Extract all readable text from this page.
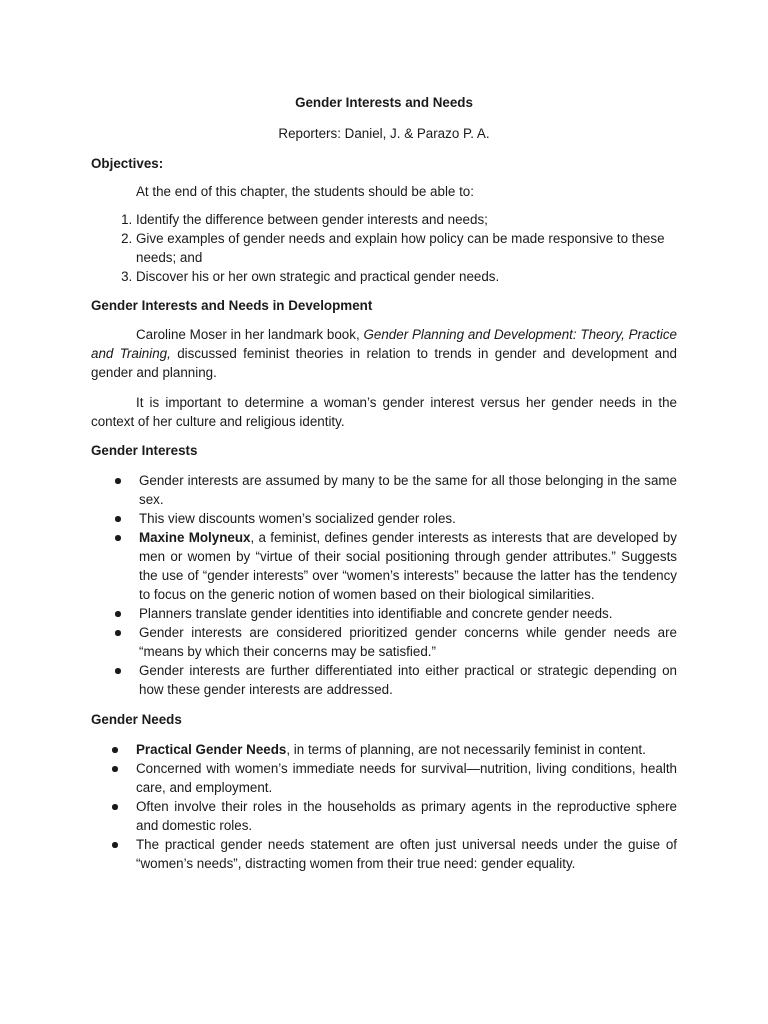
Gender Interests and Needs

Reporters: Daniel, J. & Parazo P. A.

Objectives:

At the end of this chapter, the students should be able to:

1. Identify the difference between gender interests and needs;
2. Give examples of gender needs and explain how policy can be made responsive to these needs; and
3. Discover his or her own strategic and practical gender needs.

Gender Interests and Needs in Development

Caroline Moser in her landmark book, Gender Planning and Development: Theory, Practice and Training, discussed feminist theories in relation to trends in gender and development and gender and planning.

It is important to determine a woman’s gender interest versus her gender needs in the context of her culture and religious identity.

Gender Interests

Gender interests are assumed by many to be the same for all those belonging in the same sex.
This view discounts women’s socialized gender roles.
Maxine Molyneux, a feminist, defines gender interests as interests that are developed by men or women by “virtue of their social positioning through gender attributes.” Suggests the use of “gender interests” over “women’s interests” because the latter has the tendency to focus on the generic notion of women based on their biological similarities.
Planners translate gender identities into identifiable and concrete gender needs.
Gender interests are considered prioritized gender concerns while gender needs are “means by which their concerns may be satisfied.”
Gender interests are further differentiated into either practical or strategic depending on how these gender interests are addressed.

Gender Needs

Practical Gender Needs, in terms of planning, are not necessarily feminist in content.
Concerned with women’s immediate needs for survival—nutrition, living conditions, health care, and employment.
Often involve their roles in the households as primary agents in the reproductive sphere and domestic roles.
The practical gender needs statement are often just universal needs under the guise of “women’s needs”, distracting women from their true need: gender equality.
